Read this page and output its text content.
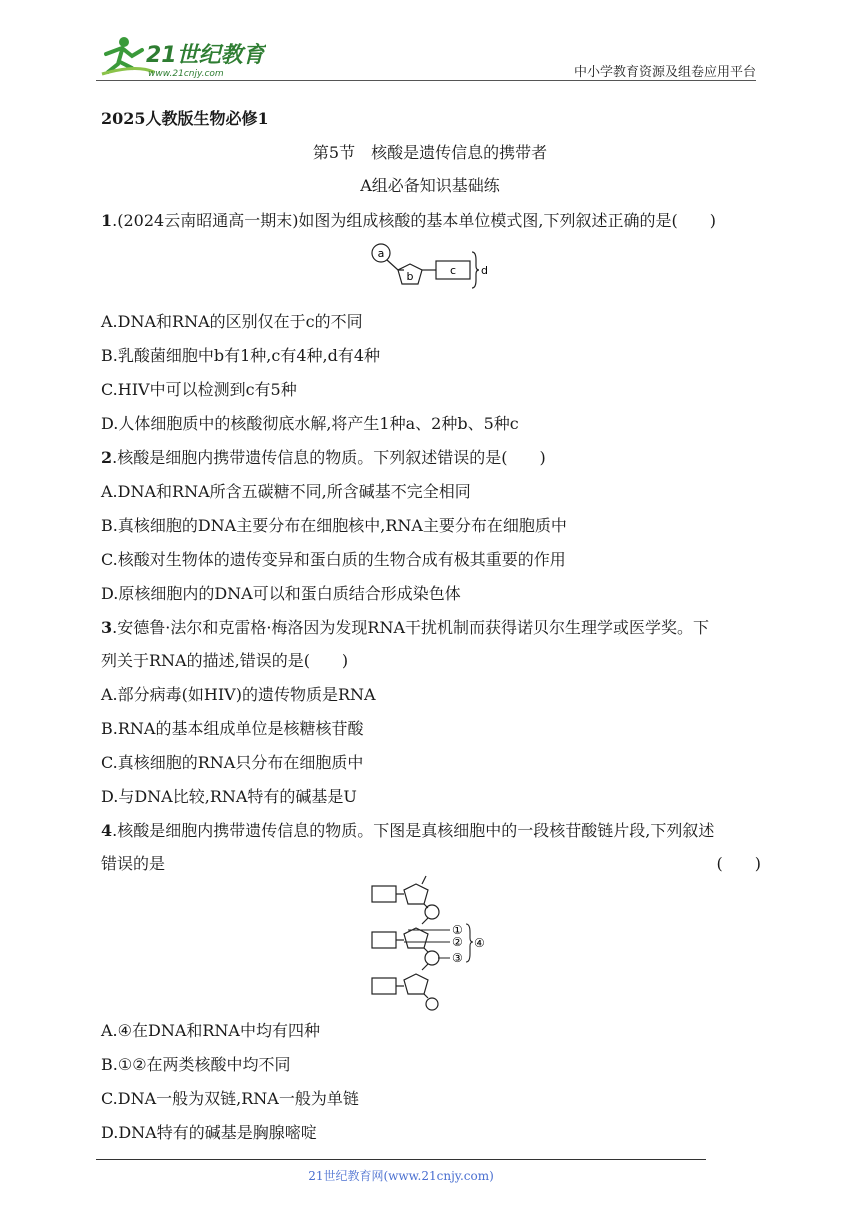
21世纪教育
www.21cnjy.com	中小学教育资源及组卷应用平台
2025人教版生物必修1
第5节　核酸是遗传信息的携带者
A组必备知识基础练
1.(2024云南昭通高一期末)如图为组成核酸的基本单位模式图,下列叙述正确的是(　　)
a
b	c d
A.DNA和RNA的区别仅在于c的不同
B.乳酸菌细胞中b有1种,c有4种,d有4种
C.HIV中可以检测到c有5种
D.人体细胞质中的核酸彻底水解,将产生1种a、2种b、5种c
2.核酸是细胞内携带遗传信息的物质。下列叙述错误的是(　　)
A.DNA和RNA所含五碳糖不同,所含碱基不完全相同
B.真核细胞的DNA主要分布在细胞核中,RNA主要分布在细胞质中
C.核酸对生物体的遗传变异和蛋白质的生物合成有极其重要的作用
D.原核细胞内的DNA可以和蛋白质结合形成染色体
3.安德鲁·法尔和克雷格·梅洛因为发现RNA干扰机制而获得诺贝尔生理学或医学奖。下
列关于RNA的描述,错误的是(　　)
A.部分病毒(如HIV)的遗传物质是RNA
B.RNA的基本组成单位是核糖核苷酸
C.真核细胞的RNA只分布在细胞质中
D.与DNA比较,RNA特有的碱基是U
4.核酸是细胞内携带遗传信息的物质。下图是真核细胞中的一段核苷酸链片段,下列叙述
错误的是	(　　)
①
②
③
④
A.④在DNA和RNA中均有四种
B.①②在两类核酸中均不同
C.DNA一般为双链,RNA一般为单链
D.DNA特有的碱基是胸腺嘧啶
21世纪教育网(www.21cnjy.com)
